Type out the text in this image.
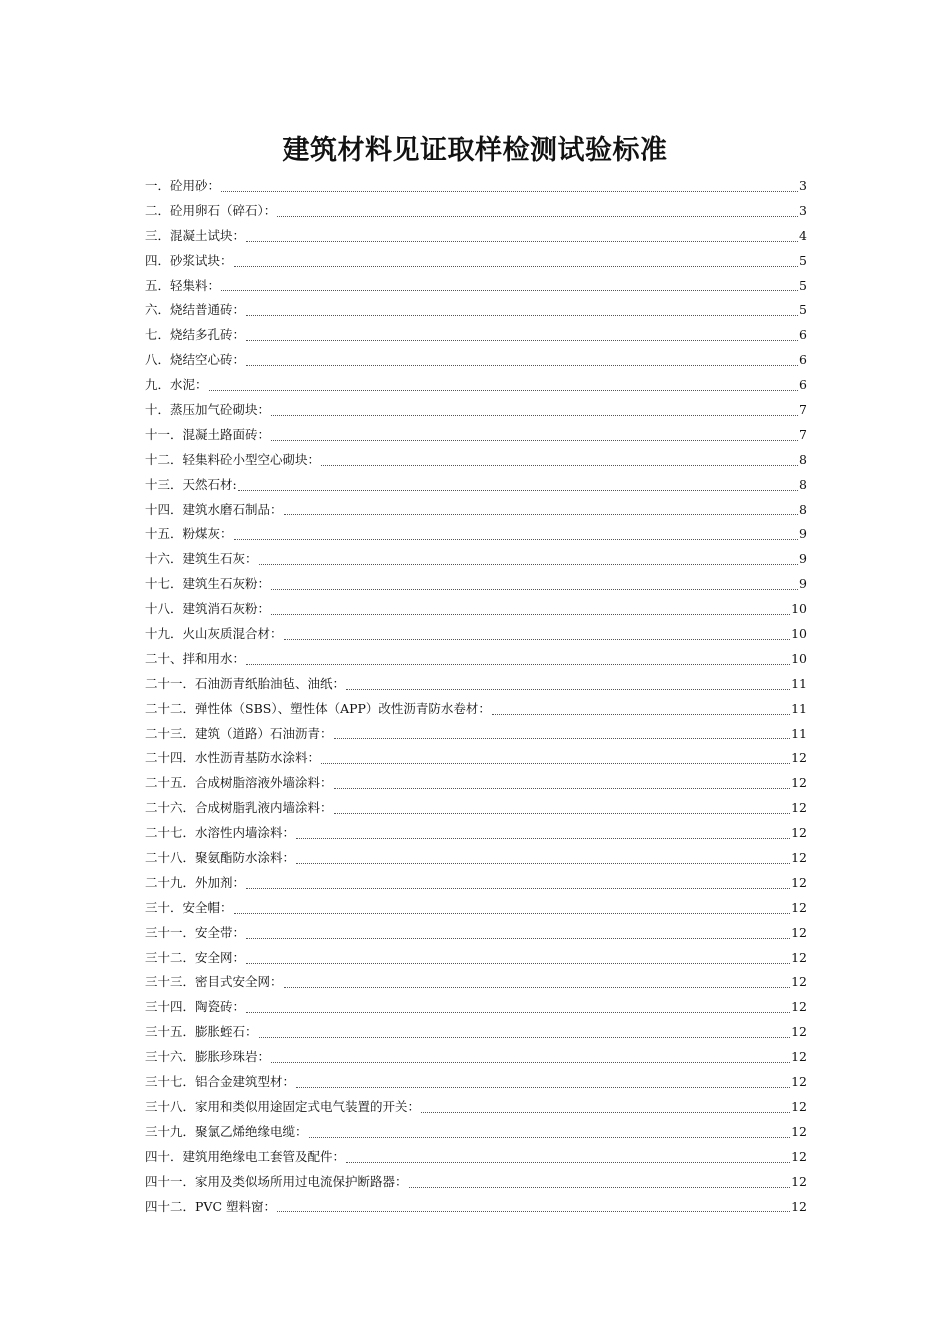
建筑材料见证取样检测试验标准
一．砼用砂：	3
二．砼用卵石（碎石）：	3
三．混凝土试块：	4
四．砂浆试块：	5
五．轻集料：	5
六．烧结普通砖：	5
七．烧结多孔砖：	6
八．烧结空心砖：	6
九．水泥：	6
十．蒸压加气砼砌块：	7
十一．混凝土路面砖：	7
十二．轻集料砼小型空心砌块：	8
十三．天然石材:	8
十四．建筑水磨石制品：	8
十五．粉煤灰：	9
十六．建筑生石灰：	9
十七．建筑生石灰粉：	9
十八．建筑消石灰粉：	10
十九．火山灰质混合材：	10
二十、拌和用水：	10
二十一．石油沥青纸胎油毡、油纸：	11
二十二．弹性体（SBS）、塑性体（APP）改性沥青防水卷材：	11
二十三．建筑（道路）石油沥青：	11
二十四．水性沥青基防水涂料：	12
二十五．合成树脂溶液外墙涂料：	12
二十六．合成树脂乳液内墙涂料：	12
二十七．水溶性内墙涂料：	12
二十八．聚氨酯防水涂料：	12
二十九．外加剂：	12
三十．安全帽：	12
三十一．安全带：	12
三十二．安全网：	12
三十三．密目式安全网：	12
三十四．陶瓷砖：	12
三十五．膨胀蛭石：	12
三十六．膨胀珍珠岩：	12
三十七．铝合金建筑型材：	12
三十八．家用和类似用途固定式电气装置的开关：	12
三十九．聚氯乙烯绝缘电缆：	12
四十．建筑用绝缘电工套管及配件：	12
四十一．家用及类似场所用过电流保护断路器：	12
四十二．PVC 塑料窗：	12
